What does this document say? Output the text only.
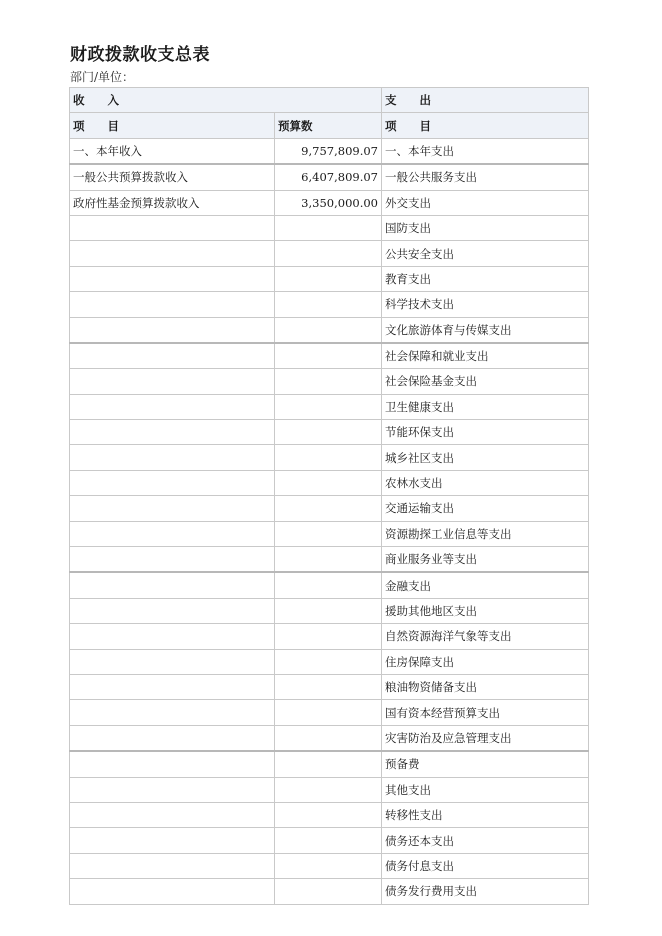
财政拨款收支总表
部门/单位：
收　　入		支　　出
项　　目	预算数	项　　目
一、本年收入	9,757,809.07	一、本年支出
一般公共预算拨款收入	6,407,809.07	一般公共服务支出
政府性基金预算拨款收入	3,350,000.00	外交支出
		国防支出
		公共安全支出
		教育支出
		科学技术支出
		文化旅游体育与传媒支出
		社会保障和就业支出
		社会保险基金支出
		卫生健康支出
		节能环保支出
		城乡社区支出
		农林水支出
		交通运输支出
		资源勘探工业信息等支出
		商业服务业等支出
		金融支出
		援助其他地区支出
		自然资源海洋气象等支出
		住房保障支出
		粮油物资储备支出
		国有资本经营预算支出
		灾害防治及应急管理支出
		预备费
		其他支出
		转移性支出
		债务还本支出
		债务付息支出
		债务发行费用支出
